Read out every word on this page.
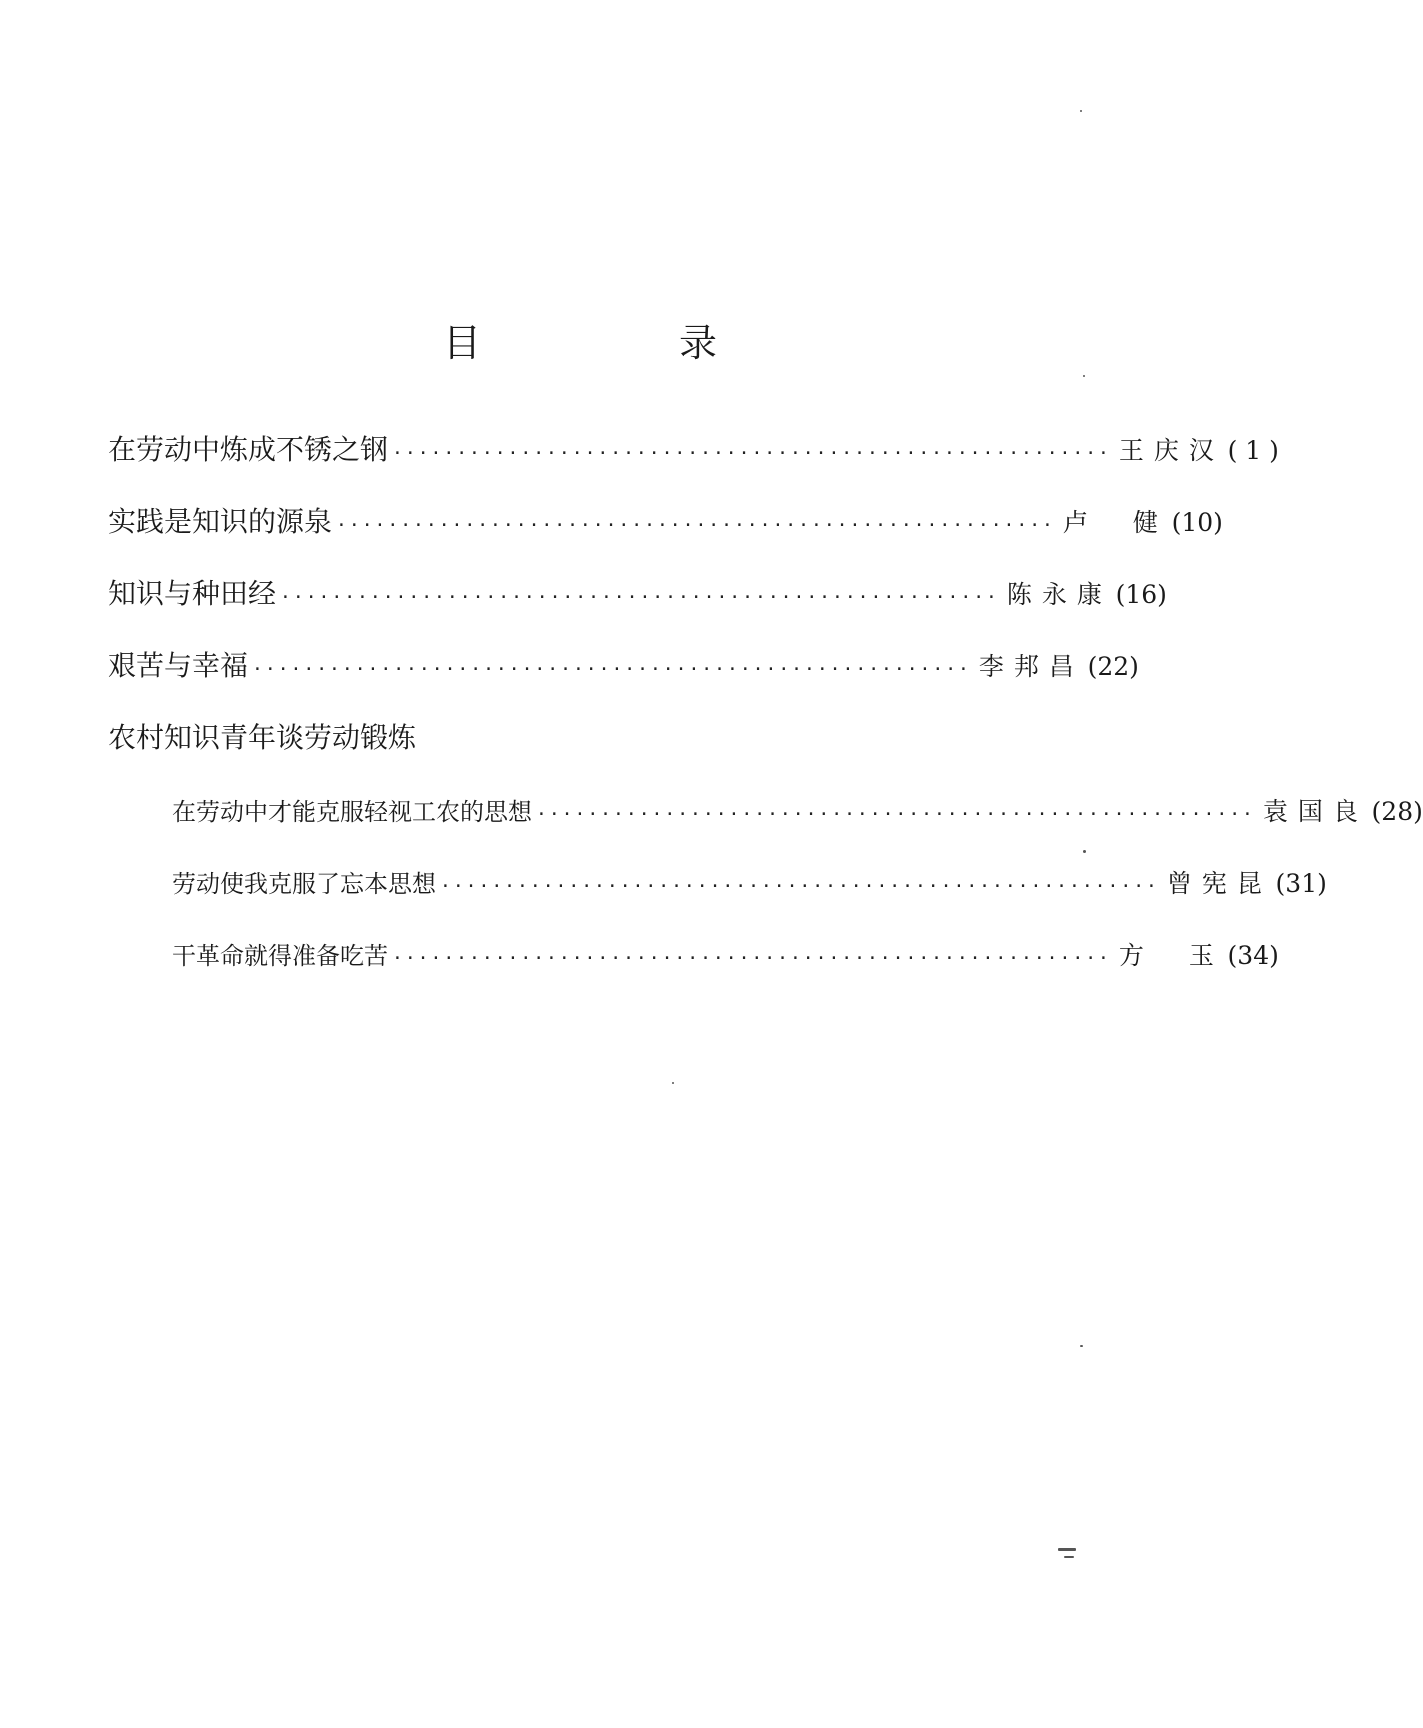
目　录
在劳动中炼成不锈之钢 ························································ 王庆汉 ( 1 )
实践是知识的源泉 ························································ 卢　健 (10)
知识与种田经 ························································ 陈永康 (16)
艰苦与幸福 ························································ 李邦昌 (22)
农村知识青年谈劳动锻炼
在劳动中才能克服轻视工农的思想 ························································ 袁国良 (28)
劳动使我克服了忘本思想 ························································ 曾宪昆 (31)
干革命就得准备吃苦 ························································ 方　玉 (34)
